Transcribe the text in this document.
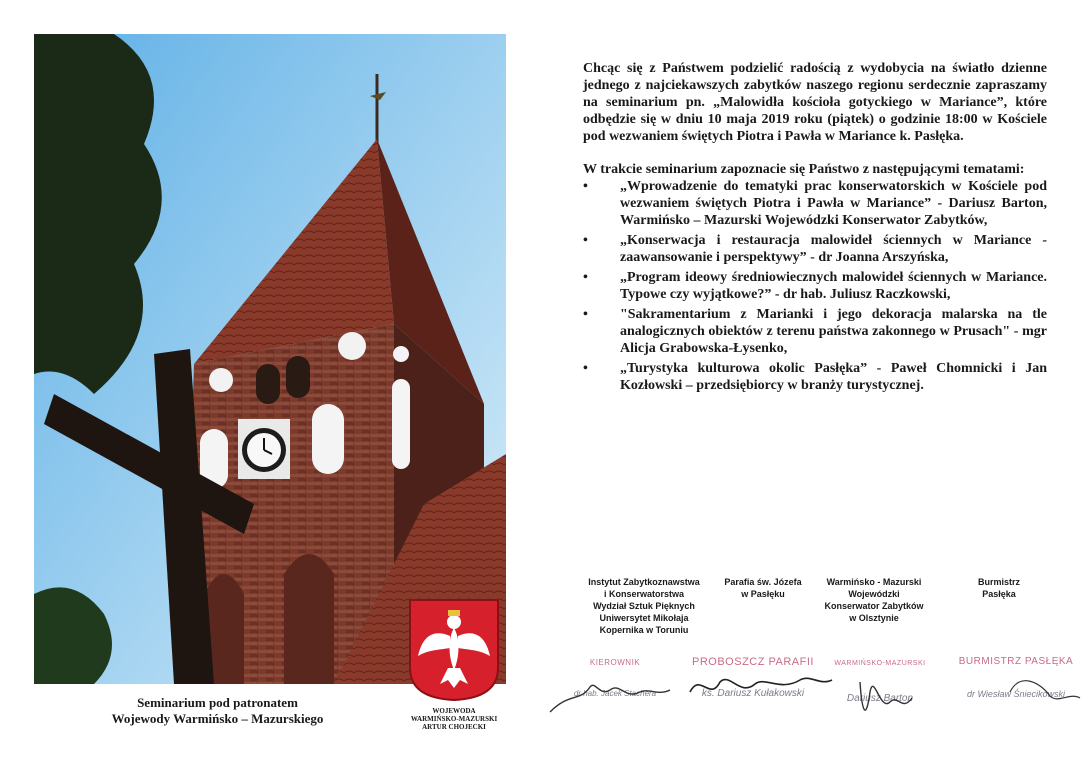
Seminarium pod patronatem
Wojewody Warmińsko – Mazurskiego	WOJEWODA
WARMIŃSKO-MAZURSKI
ARTUR CHOJECKI

Chcąc się z Państwem podzielić radością z wydobycia na światło dzienne jednego z najciekawszych zabytków naszego regionu serdecznie zapraszamy na seminarium pn. „Malowidła kościoła gotyckiego w Mariance”, które odbędzie się w dniu 10 maja 2019 roku (piątek) o godzinie 18:00 w Kościele pod wezwaniem świętych Piotra i Pawła w Mariance k. Pasłęka.

W trakcie seminarium zapoznacie się Państwo z następującymi tematami:
• „Wprowadzenie do tematyki prac konserwatorskich w Kościele pod wezwaniem świętych Piotra i Pawła w Mariance” - Dariusz Barton, Warmińsko – Mazurski Wojewódzki Konserwator Zabytków,
• „Konserwacja i restauracja malowideł ściennych w Mariance - zaawansowanie i perspektywy” - dr Joanna Arszyńska,
• „Program ideowy średniowiecznych malowideł ściennych w Mariance. Typowe czy wyjątkowe?” - dr hab. Juliusz Raczkowski,
• "Sakramentarium z Marianki i jego dekoracja malarska na tle analogicznych obiektów z terenu państwa zakonnego w Prusach" - mgr Alicja Grabowska-Łysenko,
• „Turystyka kulturowa okolic Pasłęka” - Paweł Chomnicki i Jan Kozłowski – przedsiębiorcy w branży turystycznej.
Instytut Zabytkoznawstwa
i Konserwatorstwa
Wydział Sztuk Pięknych
Uniwersytet Mikołaja
Kopernika w Toruniu
Parafia św. Józefa
w Pasłęku
Warmińsko - Mazurski
Wojewódzki
Konserwator Zabytków
w Olsztynie
Burmistrz
Pasłęka
KIEROWNIK
dr hab. Jacek Stachera
PROBOSZCZ PARAFII
ks. Dariusz Kułakowski
WARMIŃSKO-MAZURSKI
Dariusz Barton
BURMISTRZ PASŁĘKA
dr Wiesław Śniecikowski
